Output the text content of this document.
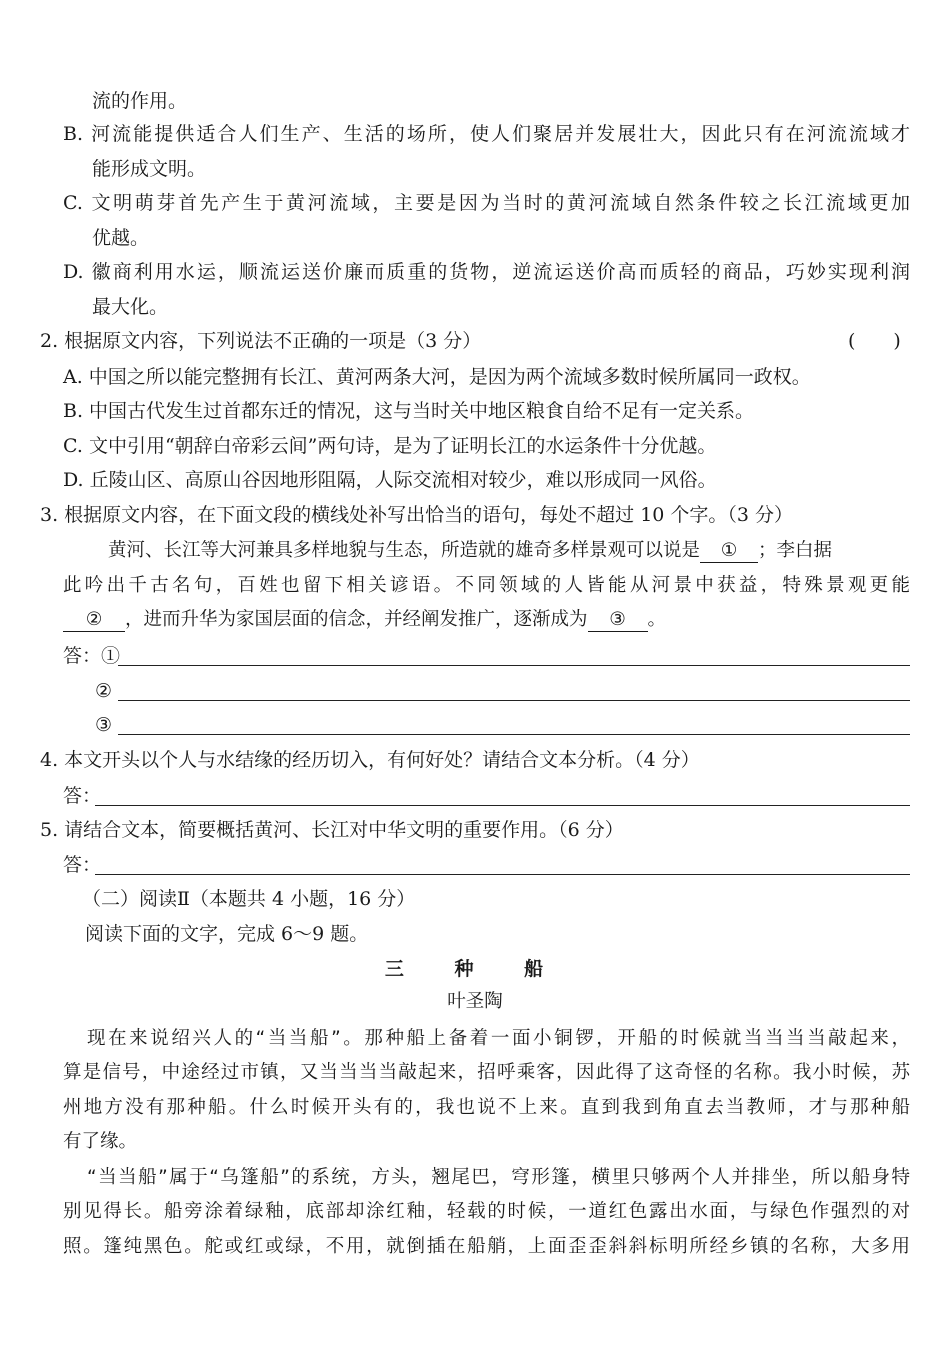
流的作用。
B. 河流能提供适合人们生产、生活的场所，使人们聚居并发展壮大，因此只有在河流流域才
能形成文明。
C. 文明萌芽首先产生于黄河流域，主要是因为当时的黄河流域自然条件较之长江流域更加
优越。
D. 徽商利用水运，顺流运送价廉而质重的货物，逆流运送价高而质轻的商品，巧妙实现利润
最大化。
2. 根据原文内容，下列说法不正确的一项是（3 分）	(　　)
A. 中国之所以能完整拥有长江、黄河两条大河，是因为两个流域多数时候所属同一政权。
B. 中国古代发生过首都东迁的情况，这与当时关中地区粮食自给不足有一定关系。
C. 文中引用“朝辞白帝彩云间”两句诗，是为了证明长江的水运条件十分优越。
D. 丘陵山区、高原山谷因地形阻隔，人际交流相对较少，难以形成同一风俗。
3. 根据原文内容，在下面文段的横线处补写出恰当的语句，每处不超过 10 个字。（3 分）
黄河、长江等大河兼具多样地貌与生态，所造就的雄奇多样景观可以说是 ① ；李白据
此吟出千古名句，百姓也留下相关谚语。不同领域的人皆能从河景中获益，特殊景观更能
② ，进而升华为家国层面的信念，并经阐发推广，逐渐成为 ③ 。
答：①
②
③
4. 本文开头以个人与水结缘的经历切入，有何好处？请结合文本分析。（4 分）
答：
5. 请结合文本，简要概括黄河、长江对中华文明的重要作用。（6 分）
答：
（二）阅读Ⅱ（本题共 4 小题，16 分）
阅读下面的文字，完成 6～9 题。
三 种 船
叶圣陶
现在来说绍兴人的“当当船”。那种船上备着一面小铜锣，开船的时候就当当当当敲起来，
算是信号，中途经过市镇，又当当当当敲起来，招呼乘客，因此得了这奇怪的名称。我小时候，苏
州地方没有那种船。什么时候开头有的，我也说不上来。直到我到角直去当教师，才与那种船
有了缘。
“当当船”属于“乌篷船”的系统，方头，翘尾巴，穹形篷，横里只够两个人并排坐，所以船身特
别见得长。船旁涂着绿釉，底部却涂红釉，轻载的时候，一道红色露出水面，与绿色作强烈的对
照。篷纯黑色。舵或红或绿，不用，就倒插在船艄，上面歪歪斜斜标明所经乡镇的名称，大多用
